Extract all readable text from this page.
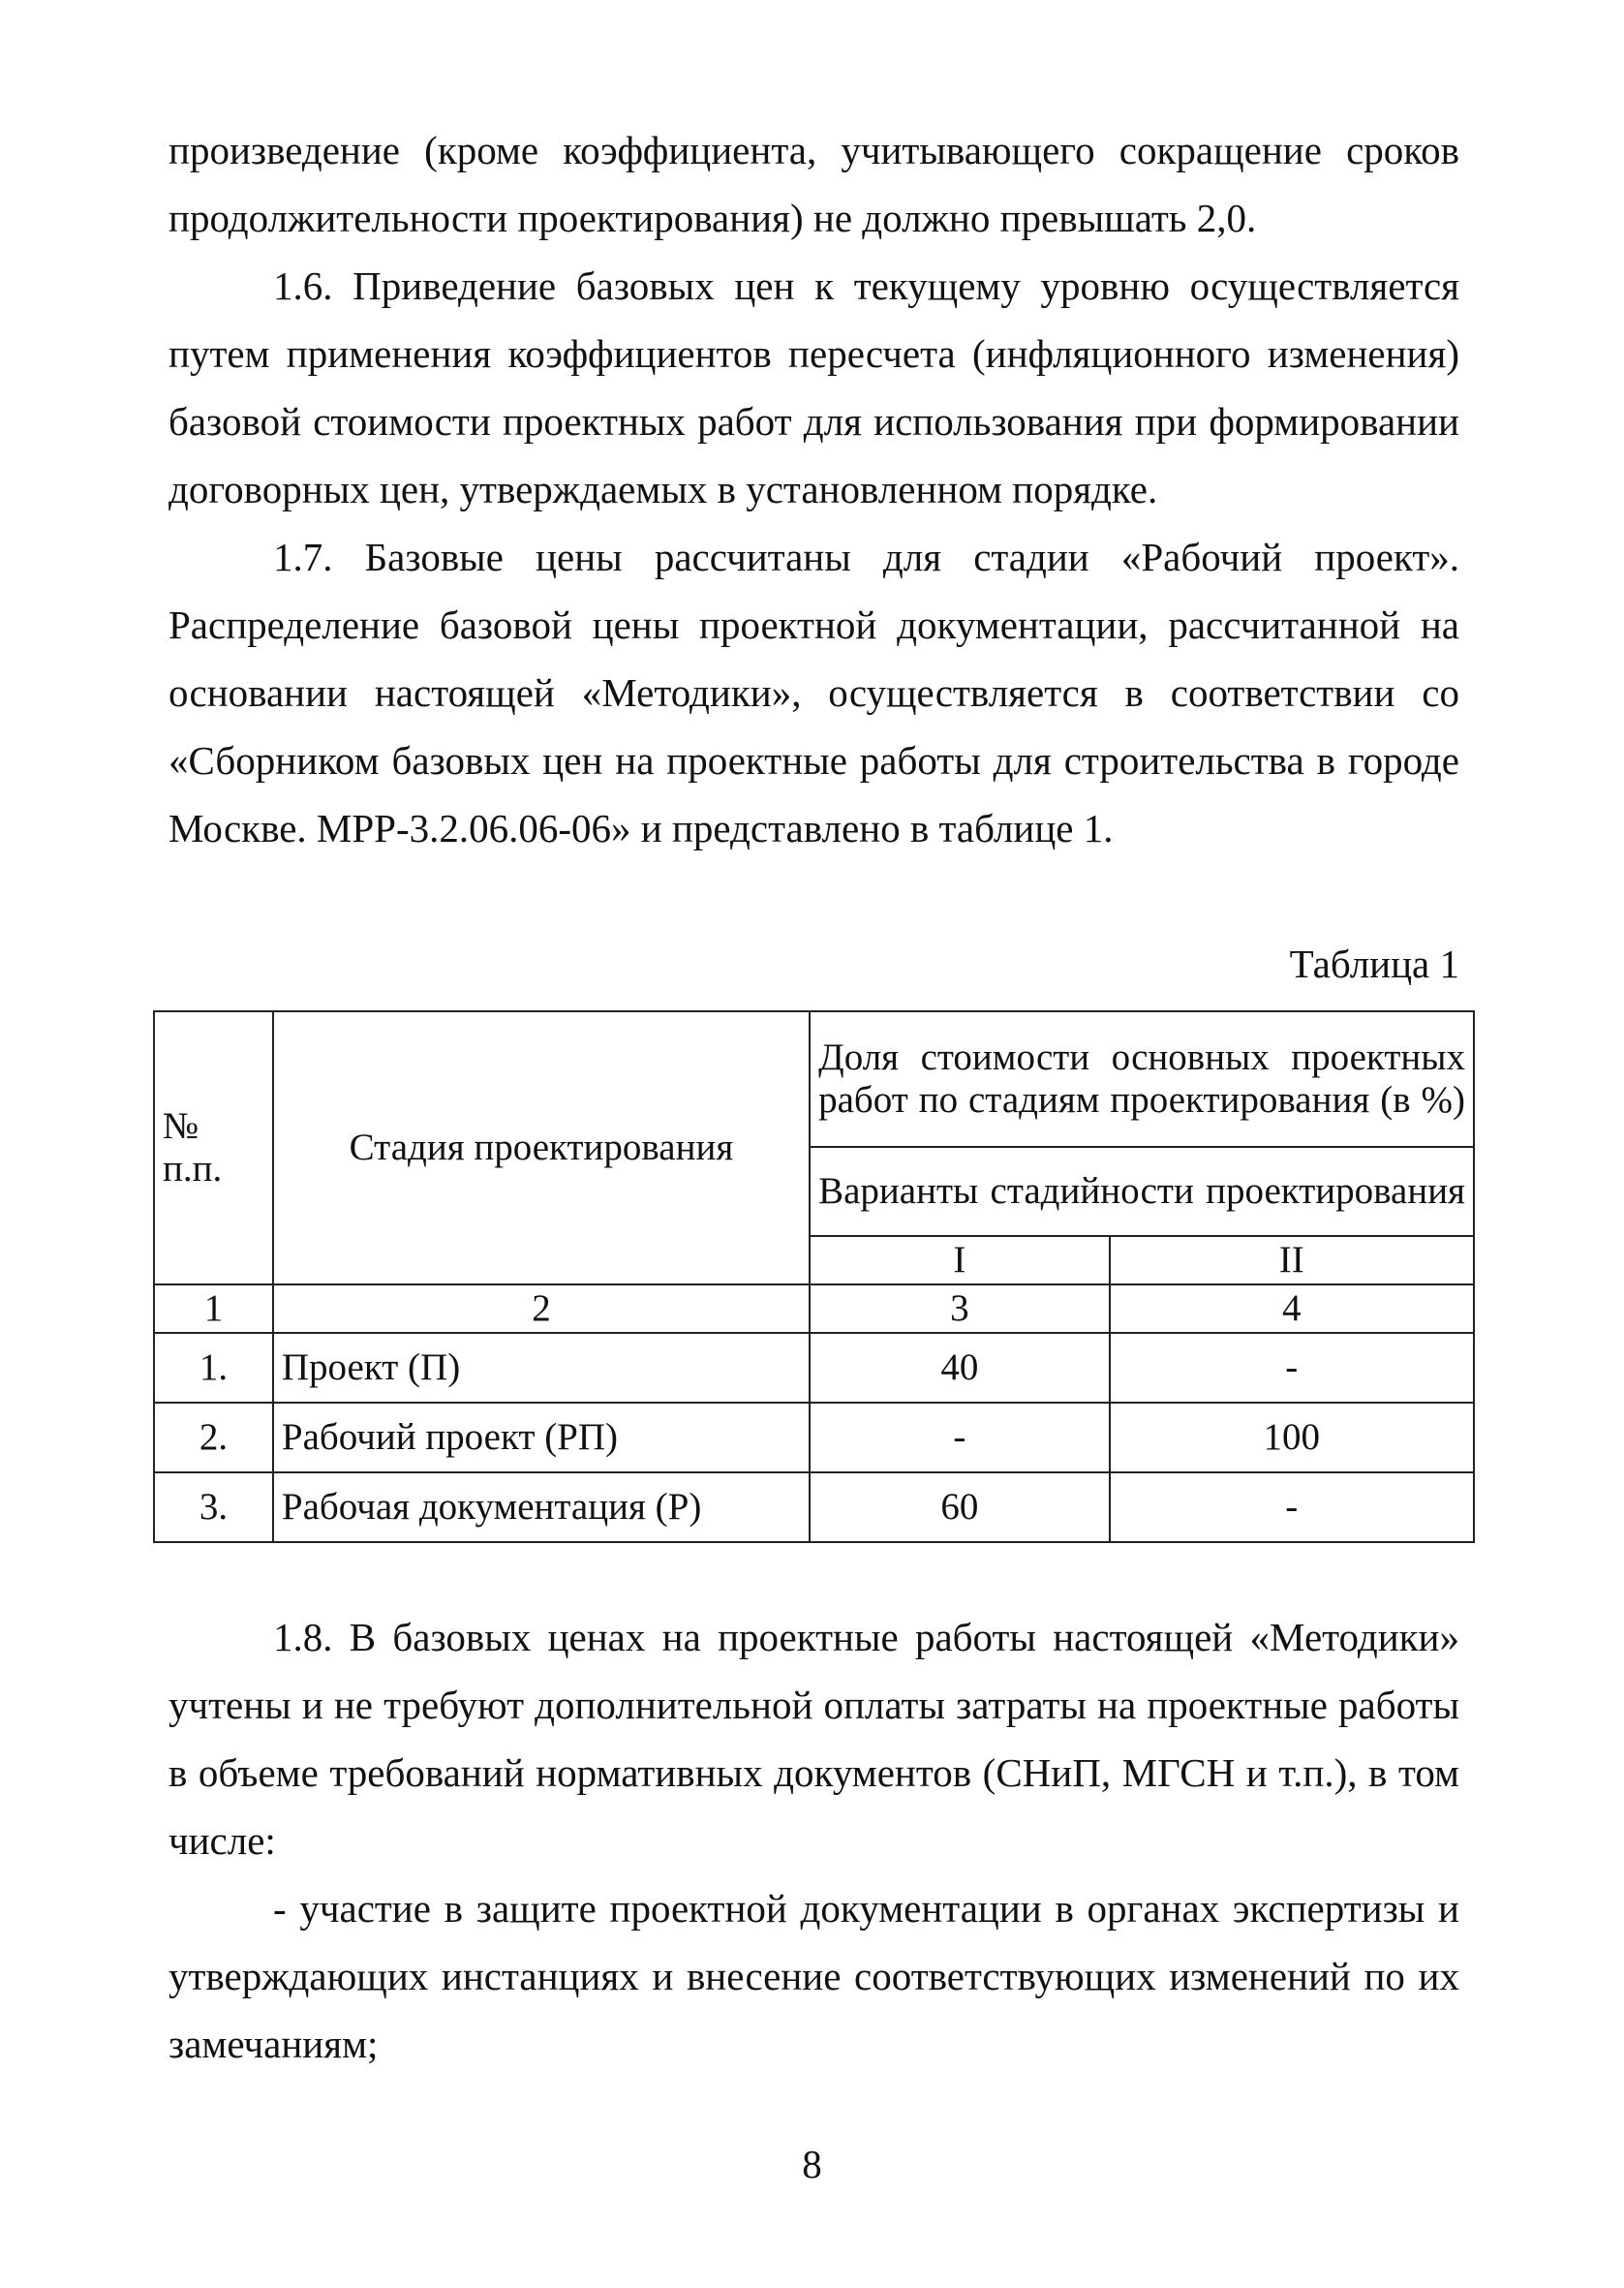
произведение (кроме коэффициента, учитывающего сокращение сроков продолжительности проектирования) не должно превышать 2,0.

1.6. Приведение базовых цен к текущему уровню осуществляется путем применения коэффициентов пересчета (инфляционного изменения) базовой стоимости проектных работ для использования при формировании договорных цен, утверждаемых в установленном порядке.

1.7. Базовые цены рассчитаны для стадии «Рабочий проект». Распределение базовой цены проектной документации, рассчитанной на основании настоящей «Методики», осуществляется в соответствии со «Сборником базовых цен на проектные работы для строительства в городе Москве. МРР-3.2.06.06-06» и представлено в таблице 1.

Таблица 1
№ п.п.	Стадия проектирования	Доля стоимости основных проектных работ по стадиям проектирования (в %)	
		Варианты стадийности проектирования	
		I	II
1	2	3	4
1.	Проект (П)	40	-
2.	Рабочий проект (РП)	-	100
3.	Рабочая документация (Р)	60	-

1.8. В базовых ценах на проектные работы настоящей «Методики» учтены и не требуют дополнительной оплаты затраты на проектные работы в объеме требований нормативных документов (СНиП, МГСН и т.п.), в том числе:

- участие в защите проектной документации в органах экспертизы и утверждающих инстанциях и внесение соответствующих изменений по их замечаниям;

8
